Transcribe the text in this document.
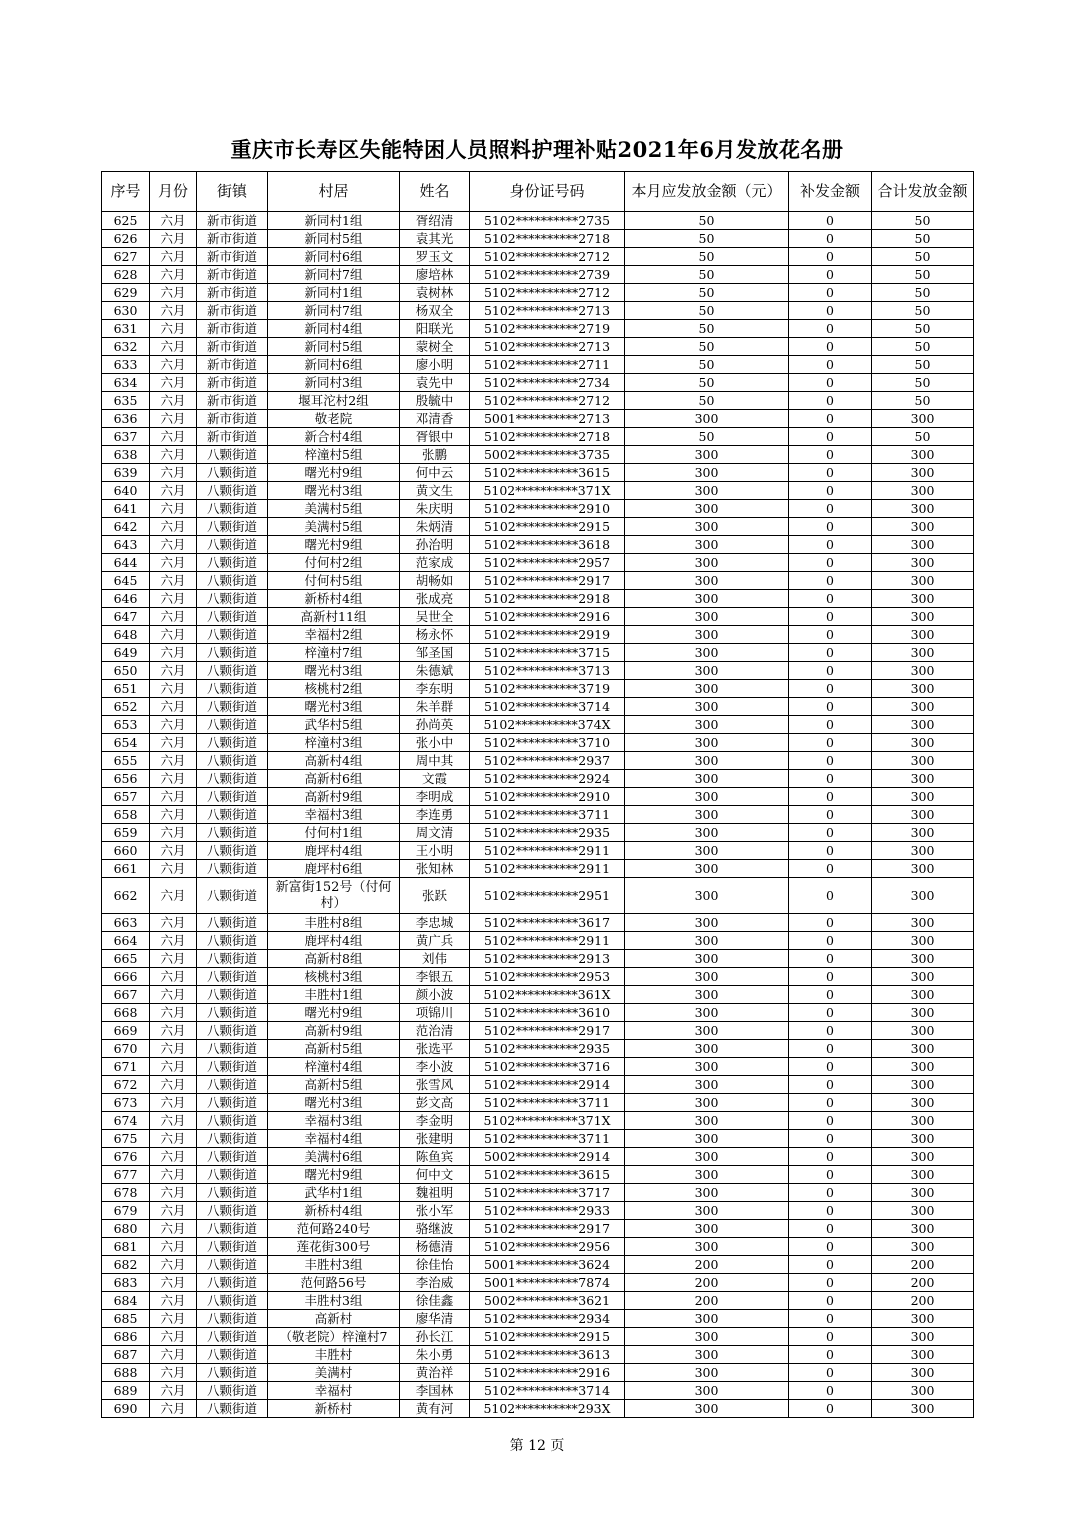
重庆市长寿区失能特困人员照料护理补贴2021年6月发放花名册
序号	月份	街镇	村居	姓名	身份证号码	本月应发放金额（元）	补发金额	合计发放金额
625	六月	新市街道	新同村1组	胥绍清	5102**********2735	50	0	50
626	六月	新市街道	新同村5组	袁其光	5102**********2718	50	0	50
627	六月	新市街道	新同村6组	罗玉文	5102**********2712	50	0	50
628	六月	新市街道	新同村7组	廖培林	5102**********2739	50	0	50
629	六月	新市街道	新同村1组	袁树林	5102**********2712	50	0	50
630	六月	新市街道	新同村7组	杨双全	5102**********2713	50	0	50
631	六月	新市街道	新同村4组	阳联光	5102**********2719	50	0	50
632	六月	新市街道	新同村5组	蒙树全	5102**********2713	50	0	50
633	六月	新市街道	新同村6组	廖小明	5102**********2711	50	0	50
634	六月	新市街道	新同村3组	袁先中	5102**********2734	50	0	50
635	六月	新市街道	堰耳沱村2组	殷毓中	5102**********2712	50	0	50
636	六月	新市街道	敬老院	邓清香	5001**********2713	300	0	300
637	六月	新市街道	新合村4组	胥银中	5102**********2718	50	0	50
638	六月	八颗街道	梓潼村5组	张鹏	5002**********3735	300	0	300
639	六月	八颗街道	曙光村9组	何中云	5102**********3615	300	0	300
640	六月	八颗街道	曙光村3组	黄文生	5102**********371X	300	0	300
641	六月	八颗街道	美满村5组	朱庆明	5102**********2910	300	0	300
642	六月	八颗街道	美满村5组	朱炳清	5102**********2915	300	0	300
643	六月	八颗街道	曙光村9组	孙治明	5102**********3618	300	0	300
644	六月	八颗街道	付何村2组	范家成	5102**********2957	300	0	300
645	六月	八颗街道	付何村5组	胡畅如	5102**********2917	300	0	300
646	六月	八颗街道	新桥村4组	张成亮	5102**********2918	300	0	300
647	六月	八颗街道	高新村11组	吴世全	5102**********2916	300	0	300
648	六月	八颗街道	幸福村2组	杨永怀	5102**********2919	300	0	300
649	六月	八颗街道	梓潼村7组	邹圣国	5102**********3715	300	0	300
650	六月	八颗街道	曙光村3组	朱德斌	5102**********3713	300	0	300
651	六月	八颗街道	核桃村2组	李东明	5102**********3719	300	0	300
652	六月	八颗街道	曙光村3组	朱羊群	5102**********3714	300	0	300
653	六月	八颗街道	武华村5组	孙尚英	5102**********374X	300	0	300
654	六月	八颗街道	梓潼村3组	张小中	5102**********3710	300	0	300
655	六月	八颗街道	高新村4组	周中其	5102**********2937	300	0	300
656	六月	八颗街道	高新村6组	文霞	5102**********2924	300	0	300
657	六月	八颗街道	高新村9组	李明成	5102**********2910	300	0	300
658	六月	八颗街道	幸福村3组	李连勇	5102**********3711	300	0	300
659	六月	八颗街道	付何村1组	周文清	5102**********2935	300	0	300
660	六月	八颗街道	鹿坪村4组	王小明	5102**********2911	300	0	300
661	六月	八颗街道	鹿坪村6组	张知林	5102**********2911	300	0	300
662	六月	八颗街道	新富街152号（付何村）	张跃	5102**********2951	300	0	300
663	六月	八颗街道	丰胜村8组	李忠城	5102**********3617	300	0	300
664	六月	八颗街道	鹿坪村4组	黄广兵	5102**********2911	300	0	300
665	六月	八颗街道	高新村8组	刘伟	5102**********2913	300	0	300
666	六月	八颗街道	核桃村3组	李银五	5102**********2953	300	0	300
667	六月	八颗街道	丰胜村1组	颜小波	5102**********361X	300	0	300
668	六月	八颗街道	曙光村9组	项锦川	5102**********3610	300	0	300
669	六月	八颗街道	高新村9组	范治清	5102**********2917	300	0	300
670	六月	八颗街道	高新村5组	张选平	5102**********2935	300	0	300
671	六月	八颗街道	梓潼村4组	李小波	5102**********3716	300	0	300
672	六月	八颗街道	高新村5组	张雪风	5102**********2914	300	0	300
673	六月	八颗街道	曙光村3组	彭文高	5102**********3711	300	0	300
674	六月	八颗街道	幸福村3组	李金明	5102**********371X	300	0	300
675	六月	八颗街道	幸福村4组	张建明	5102**********3711	300	0	300
676	六月	八颗街道	美满村6组	陈鱼宾	5002**********2914	300	0	300
677	六月	八颗街道	曙光村9组	何中文	5102**********3615	300	0	300
678	六月	八颗街道	武华村1组	魏祖明	5102**********3717	300	0	300
679	六月	八颗街道	新桥村4组	张小军	5102**********2933	300	0	300
680	六月	八颗街道	范何路240号	骆继波	5102**********2917	300	0	300
681	六月	八颗街道	莲花街300号	杨德清	5102**********2956	300	0	300
682	六月	八颗街道	丰胜村3组	徐佳怡	5001**********3624	200	0	200
683	六月	八颗街道	范何路56号	李治威	5001**********7874	200	0	200
684	六月	八颗街道	丰胜村3组	徐佳鑫	5002**********3621	200	0	200
685	六月	八颗街道	高新村	廖华清	5102**********2934	300	0	300
686	六月	八颗街道	（敬老院）梓潼村7	孙长江	5102**********2915	300	0	300
687	六月	八颗街道	丰胜村	朱小勇	5102**********3613	300	0	300
688	六月	八颗街道	美满村	黄治祥	5102**********2916	300	0	300
689	六月	八颗街道	幸福村	李国林	5102**********3714	300	0	300
690	六月	八颗街道	新桥村	黄有河	5102**********293X	300	0	300
第 12 页
